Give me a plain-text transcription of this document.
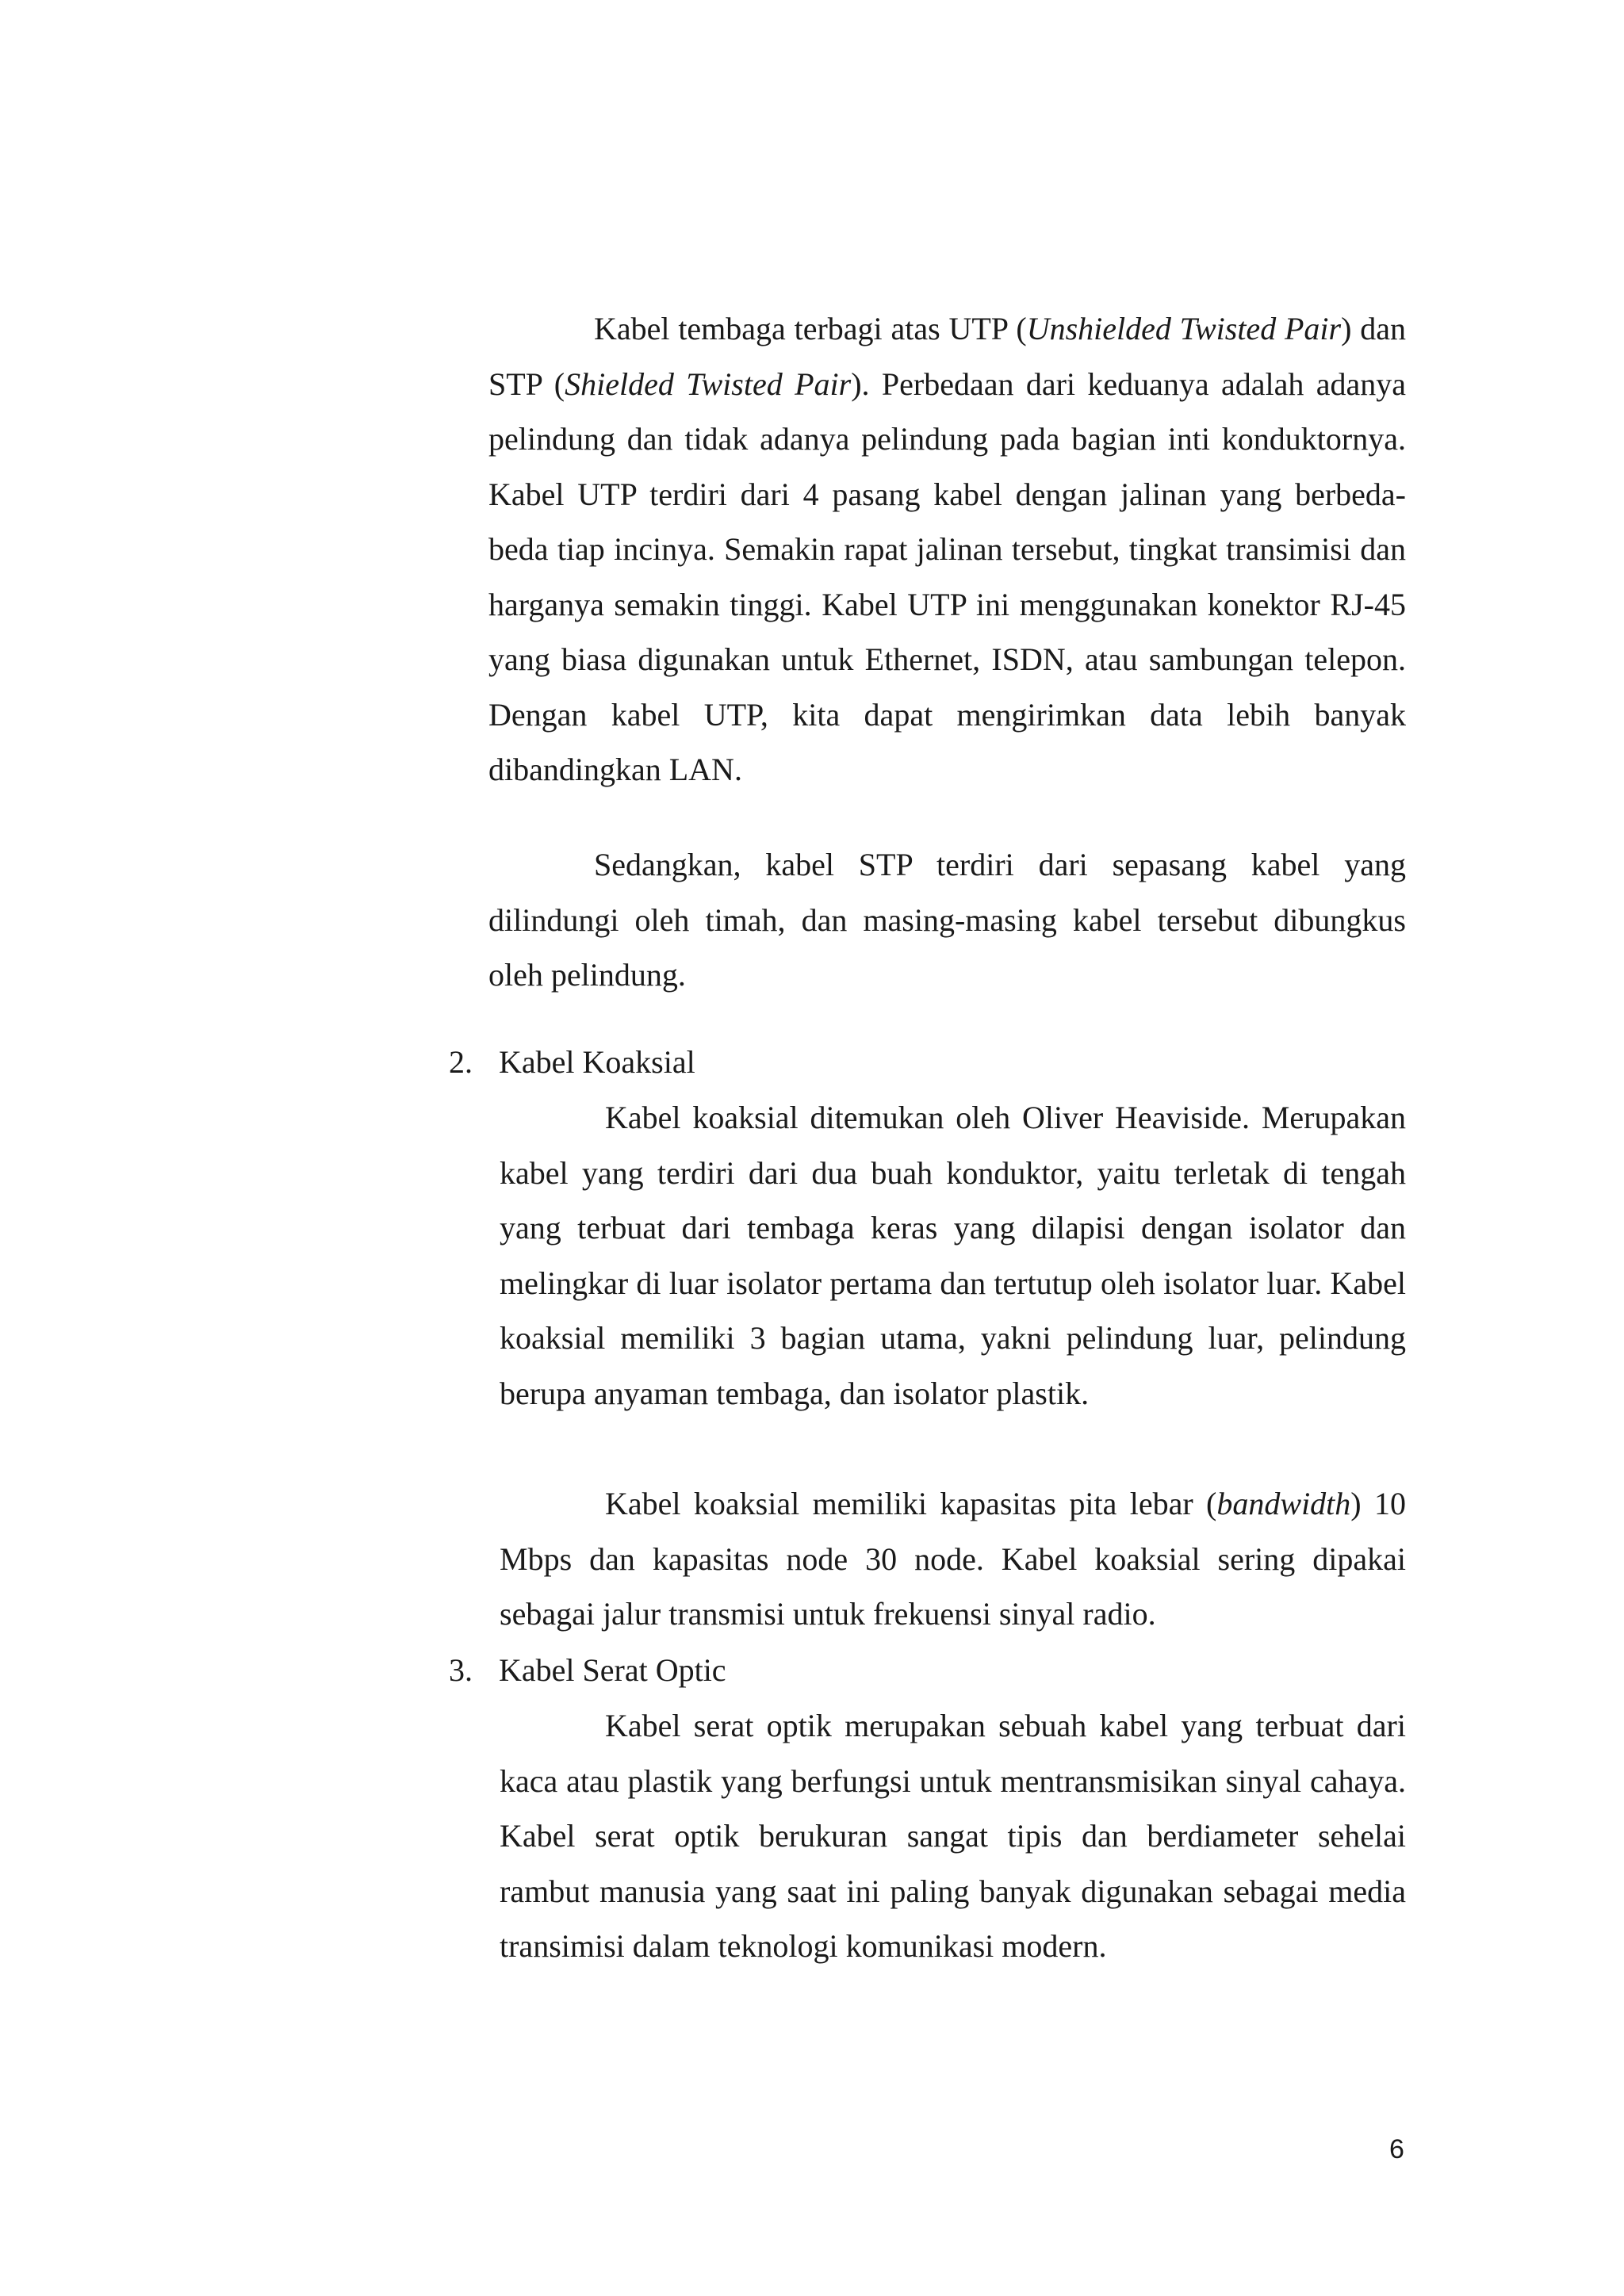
Kabel tembaga terbagi atas UTP (Unshielded Twisted Pair) dan STP (Shielded Twisted Pair). Perbedaan dari keduanya adalah adanya pelindung dan tidak adanya pelindung pada bagian inti konduktornya. Kabel UTP terdiri dari 4 pasang kabel dengan jalinan yang berbeda-beda tiap incinya. Semakin rapat jalinan tersebut, tingkat transimisi dan harganya semakin tinggi. Kabel UTP ini menggunakan konektor RJ-45 yang biasa digunakan untuk Ethernet, ISDN, atau sambungan telepon. Dengan kabel UTP, kita dapat mengirimkan data lebih banyak dibandingkan LAN.

Sedangkan, kabel STP terdiri dari sepasang kabel yang dilindungi oleh timah, dan masing-masing kabel tersebut dibungkus oleh pelindung.

2. Kabel Koaksial

Kabel koaksial ditemukan oleh Oliver Heaviside. Merupakan kabel yang terdiri dari dua buah konduktor, yaitu terletak di tengah yang terbuat dari tembaga keras yang dilapisi dengan isolator dan melingkar di luar isolator pertama dan tertutup oleh isolator luar. Kabel koaksial memiliki 3 bagian utama, yakni pelindung luar, pelindung berupa anyaman tembaga, dan isolator plastik.

Kabel koaksial memiliki kapasitas pita lebar (bandwidth) 10 Mbps dan kapasitas node 30 node. Kabel koaksial sering dipakai sebagai jalur transmisi untuk frekuensi sinyal radio.

3. Kabel Serat Optic

Kabel serat optik merupakan sebuah kabel yang terbuat dari kaca atau plastik yang berfungsi untuk mentransmisikan sinyal cahaya. Kabel serat optik berukuran sangat tipis dan berdiameter sehelai rambut manusia yang saat ini paling banyak digunakan sebagai media transimisi dalam teknologi komunikasi modern.

6
